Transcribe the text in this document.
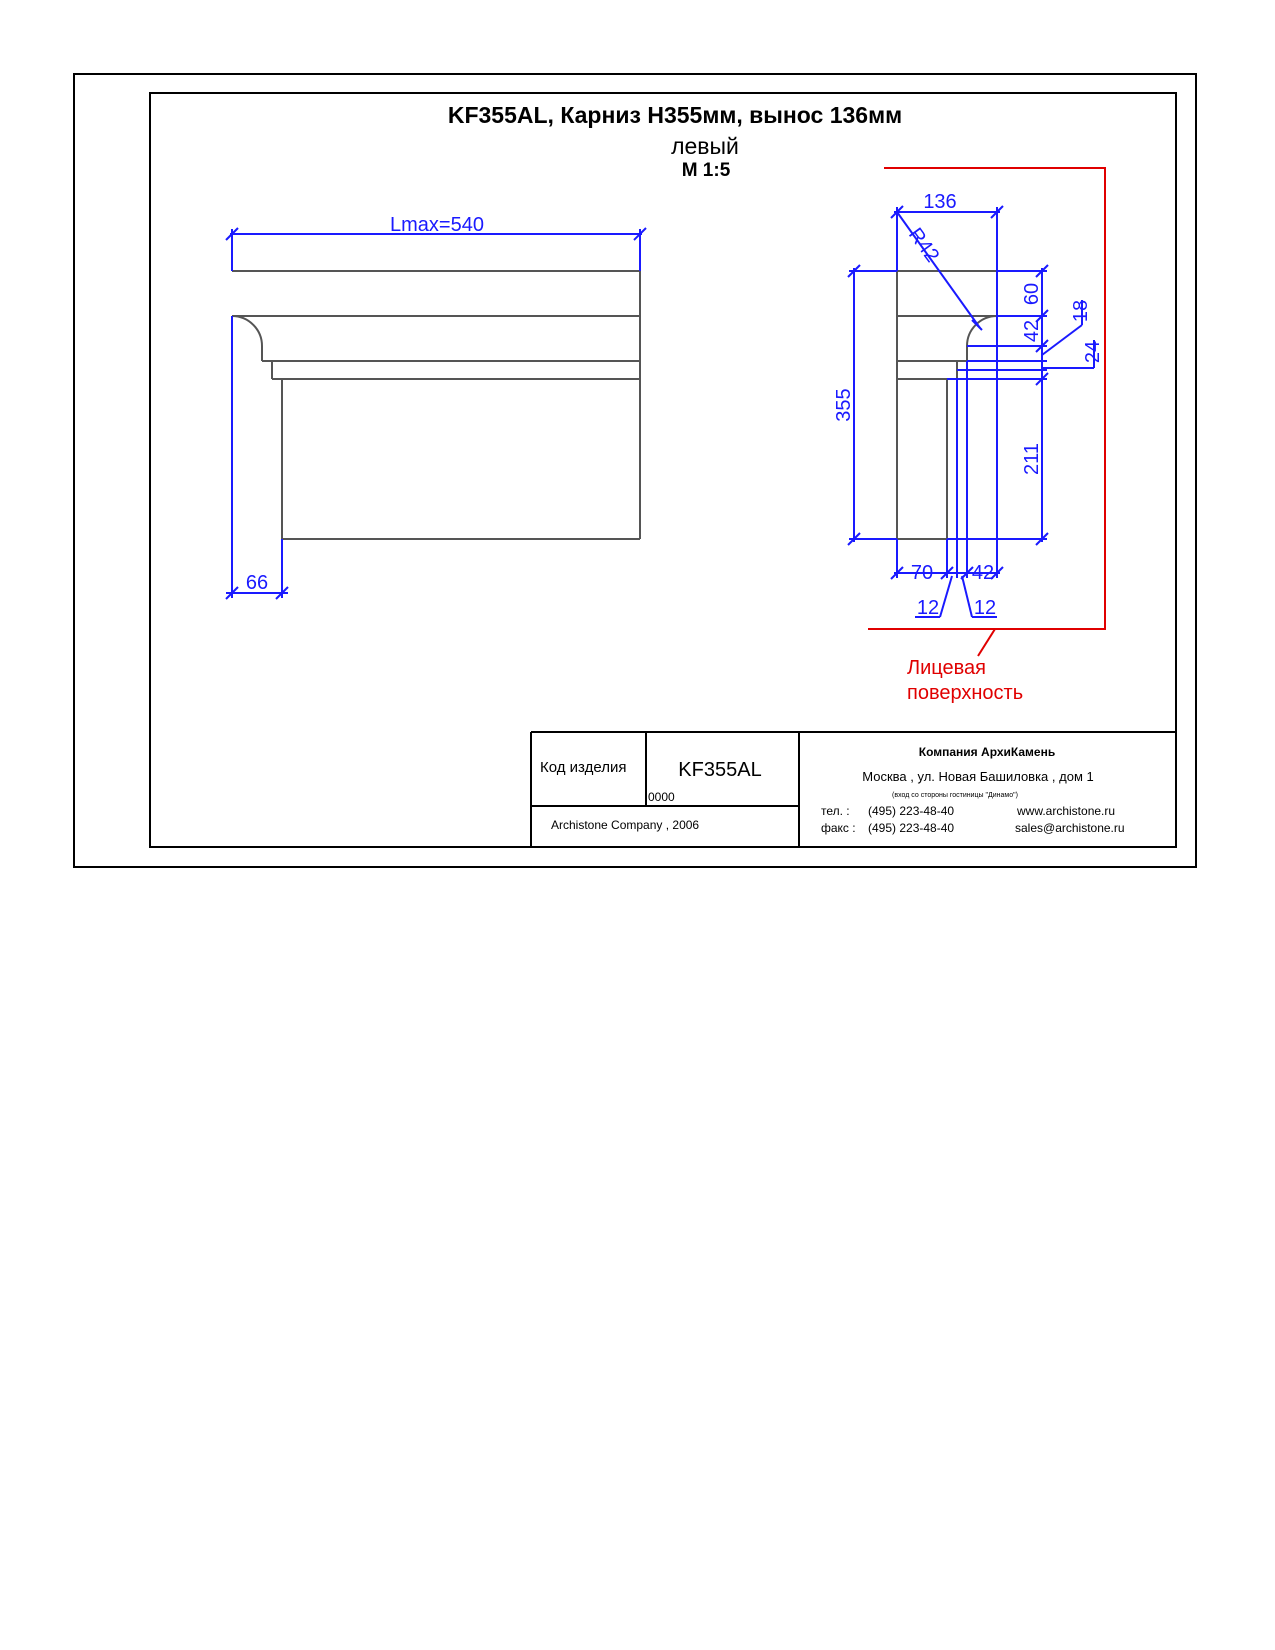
KF355AL, Карниз H355мм, вынос 136мм
левый
М 1:5
Lmax=540
66
136
R42
355
60
42
18
24
211
70 42
12 12
Лицевая
поверхность
Код изделия	KF355AL
0000
Archistone Company , 2006
Компания АрхиКамень
Москва , ул. Новая Башиловка , дом 1
(вход со стороны гостиницы "Динамо")
тел. : (495) 223-48-40	www.archistone.ru
факс : (495) 223-48-40	sales@archistone.ru
